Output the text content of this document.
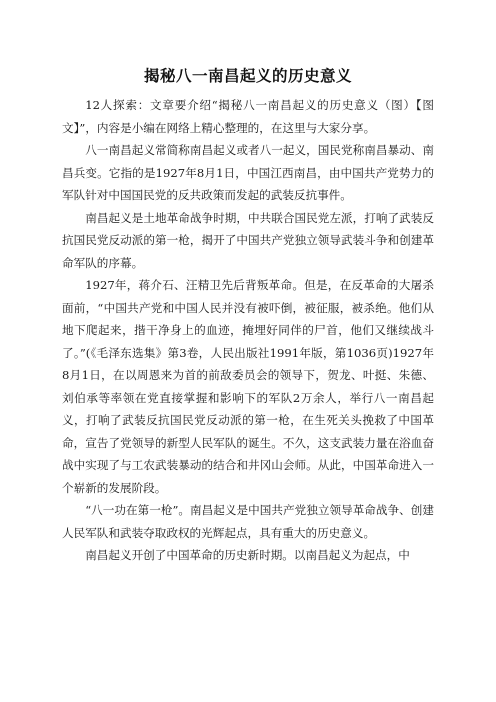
揭秘八一南昌起义的历史意义

12人探索：文章要介绍“揭秘八一南昌起义的历史意义（图）【图文】”，内容是小编在网络上精心整理的，在这里与大家分享。

八一南昌起义常简称南昌起义或者八一起义，国民党称南昌暴动、南昌兵变。它指的是1927年8月1日，中国江西南昌，由中国共产党势力的军队针对中国国民党的反共政策而发起的武装反抗事件。

南昌起义是土地革命战争时期，中共联合国民党左派，打响了武装反抗国民党反动派的第一枪，揭开了中国共产党独立领导武装斗争和创建革命军队的序幕。

1927年，蒋介石、汪精卫先后背叛革命。但是，在反革命的大屠杀面前，“中国共产党和中国人民并没有被吓倒，被征服，被杀绝。他们从地下爬起来，揩干净身上的血迹，掩埋好同伴的尸首，他们又继续战斗了。”(《毛泽东选集》第3卷，人民出版社1991年版，第1036页)1927年8月1日，在以周恩来为首的前敌委员会的领导下，贺龙、叶挺、朱德、刘伯承等率领在党直接掌握和影响下的军队2万余人，举行八一南昌起义，打响了武装反抗国民党反动派的第一枪，在生死关头挽救了中国革命，宣告了党领导的新型人民军队的诞生。不久，这支武装力量在浴血奋战中实现了与工农武装暴动的结合和井冈山会师。从此，中国革命进入一个崭新的发展阶段。

“八一功在第一枪”。南昌起义是中国共产党独立领导革命战争、创建人民军队和武装夺取政权的光辉起点，具有重大的历史意义。

南昌起义开创了中国革命的历史新时期。以南昌起义为起点，中
